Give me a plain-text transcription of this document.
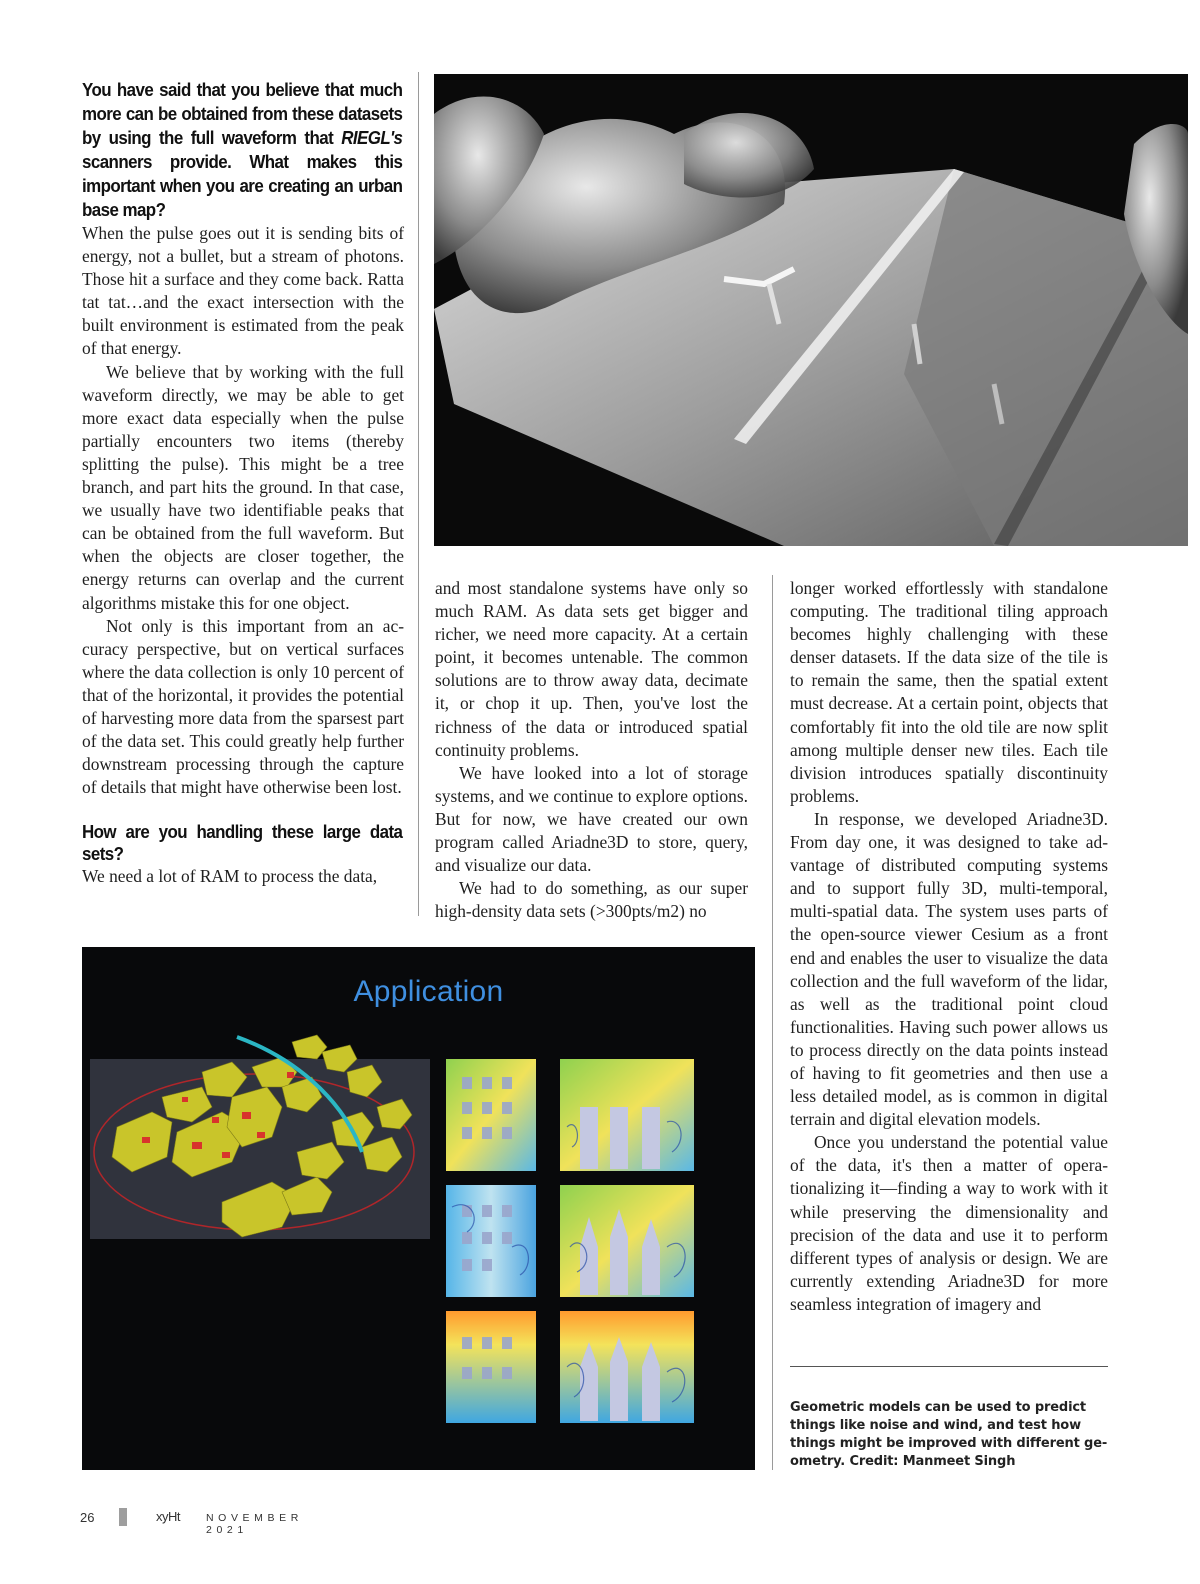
You have said that you believe that much more can be obtained from these datasets by using the full waveform that RIEGL's scanners provide. What makes this important when you are creating an urban base map?

When the pulse goes out it is sending bits of energy, not a bullet, but a stream of photons. Those hit a surface and they come back. Ratta tat tat…and the exact intersection with the built environment is estimated from the peak of that energy.

We believe that by working with the full waveform directly, we may be able to get more exact data especially when the pulse partially encounters two items (thereby splitting the pulse). This might be a tree branch, and part hits the ground. In that case, we usually have two identifiable peaks that can be obtained from the full waveform. But when the objects are closer together, the energy returns can overlap and the current algorithms mistake this for one object.

Not only is this important from an accuracy perspective, but on vertical surfaces where the data collection is only 10 percent of that of the horizontal, it provides the potential of harvesting more data from the sparsest part of the data set. This could greatly help further downstream processing through the capture of details that might have otherwise been lost.

How are you handling these large data sets?

We need a lot of RAM to process the data,

and most standalone systems have only so much RAM. As data sets get bigger and richer, we need more capacity. At a certain point, it becomes untenable. The common solutions are to throw away data, decimate it, or chop it up. Then, you've lost the richness of the data or introduced spatial continuity problems.

We have looked into a lot of storage systems, and we continue to explore options. But for now, we have created our own program called Ariadne3D to store, query, and visualize our data.

We had to do something, as our super high-density data sets (>300pts/m2) no

longer worked effortlessly with standalone computing. The traditional tiling approach becomes highly challenging with these denser datasets. If the data size of the tile is to remain the same, then the spatial extent must decrease. At a certain point, objects that comfortably fit into the old tile are now split among multiple denser new tiles. Each tile division introduces spatially discontinuity problems.

In response, we developed Ariadne3D. From day one, it was designed to take advantage of distributed computing systems and to support fully 3D, multi-temporal, multi-spatial data. The system uses parts of the open-source viewer Cesium as a front end and enables the user to visualize the data collection and the full waveform of the lidar, as well as the traditional point cloud functionalities. Having such power allows us to process directly on the data points instead of having to fit geometries and then use a less detailed model, as is common in digital terrain and digital elevation models.

Once you understand the potential value of the data, it's then a matter of operationalizing it—finding a way to work with it while preserving the dimensionality and precision of the data and use it to perform different types of analysis or design. We are currently extending Ariadne3D for more seamless integration of imagery and

Application
Geometric models can be used to predict things like noise and wind, and test how things might be improved with different geometry. Credit: Manmeet Singh
26	xyHt NOVEMBER 2021
